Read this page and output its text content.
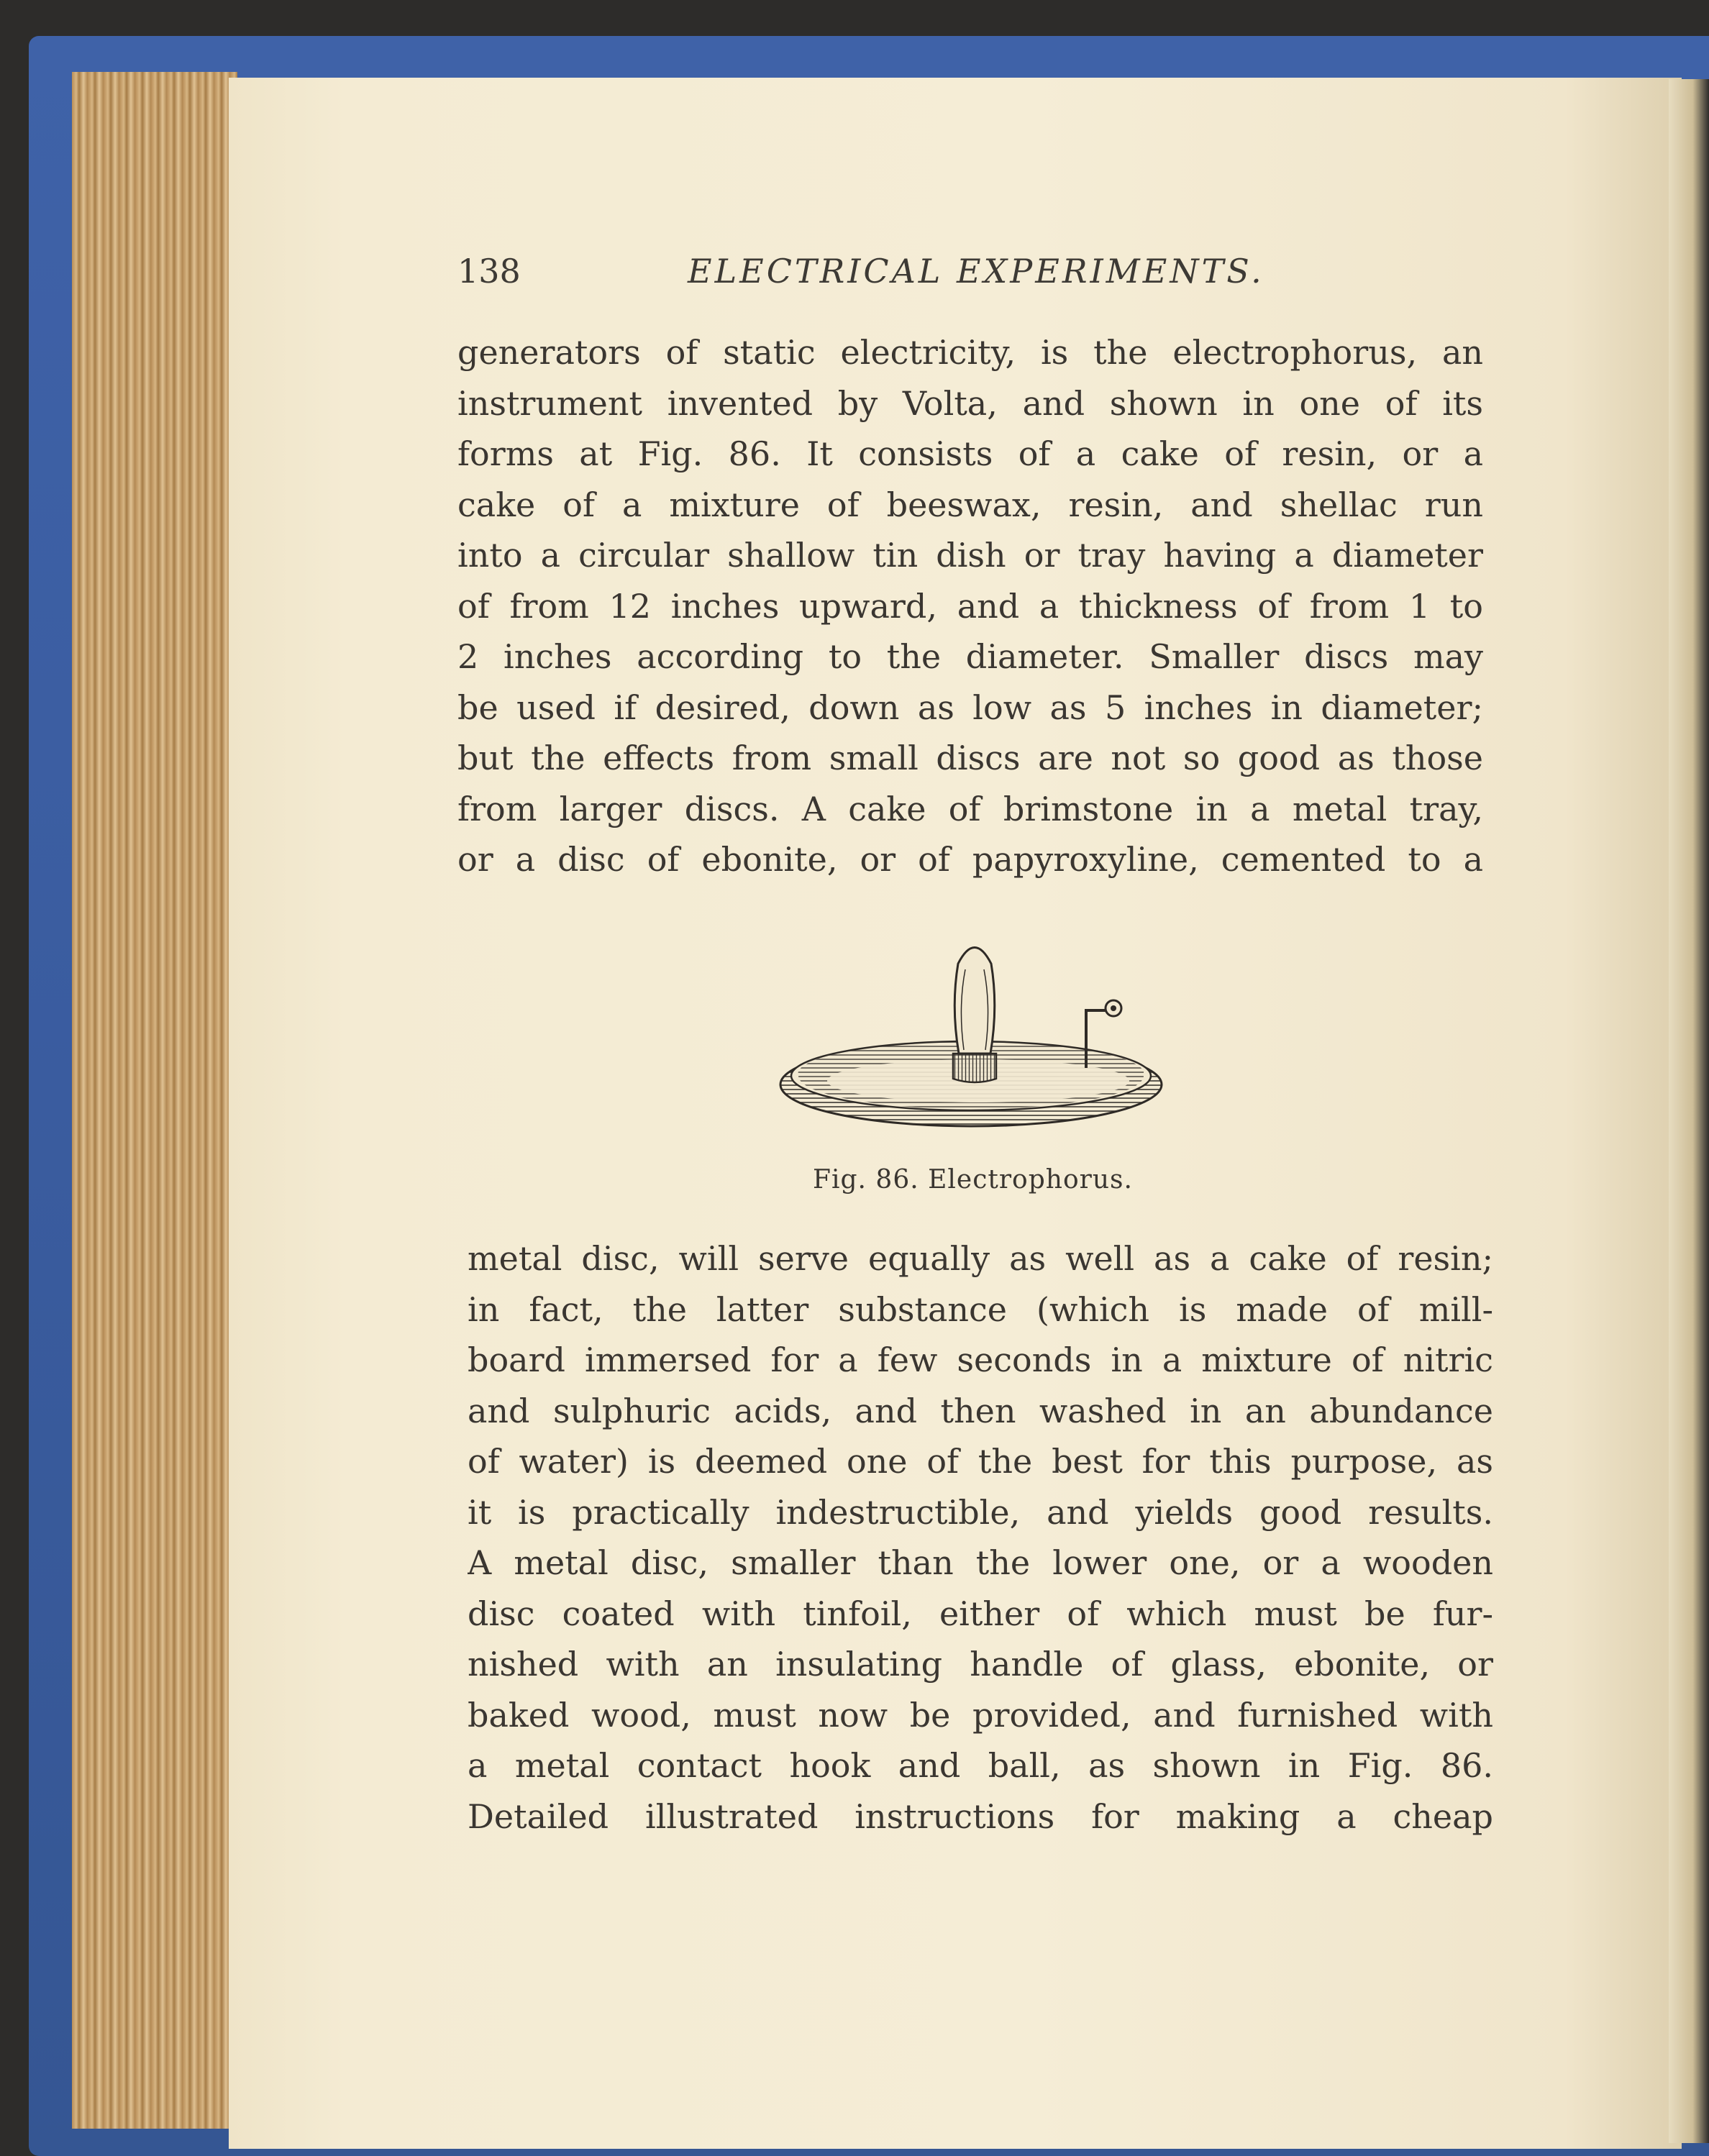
138	ELECTRICAL EXPERIMENTS.
generators of static electricity, is the electrophorus, an
instrument invented by Volta, and shown in one of its
forms at Fig. 86. It consists of a cake of resin, or a
cake of a mixture of beeswax, resin, and shellac run
into a circular shallow tin dish or tray having a diameter
of from 12 inches upward, and a thickness of from 1 to
2 inches according to the diameter. Smaller discs may
be used if desired, down as low as 5 inches in diameter;
but the effects from small discs are not so good as those
from larger discs. A cake of brimstone in a metal tray,
or a disc of ebonite, or of papyroxyline, cemented to a
Fig. 86. Electrophorus.
metal disc, will serve equally as well as a cake of resin;
in fact, the latter substance (which is made of mill-
board immersed for a few seconds in a mixture of nitric
and sulphuric acids, and then washed in an abundance
of water) is deemed one of the best for this purpose, as
it is practically indestructible, and yields good results.
A metal disc, smaller than the lower one, or a wooden
disc coated with tinfoil, either of which must be fur-
nished with an insulating handle of glass, ebonite, or
baked wood, must now be provided, and furnished with
a metal contact hook and ball, as shown in Fig. 86.
Detailed illustrated instructions for making a cheap
